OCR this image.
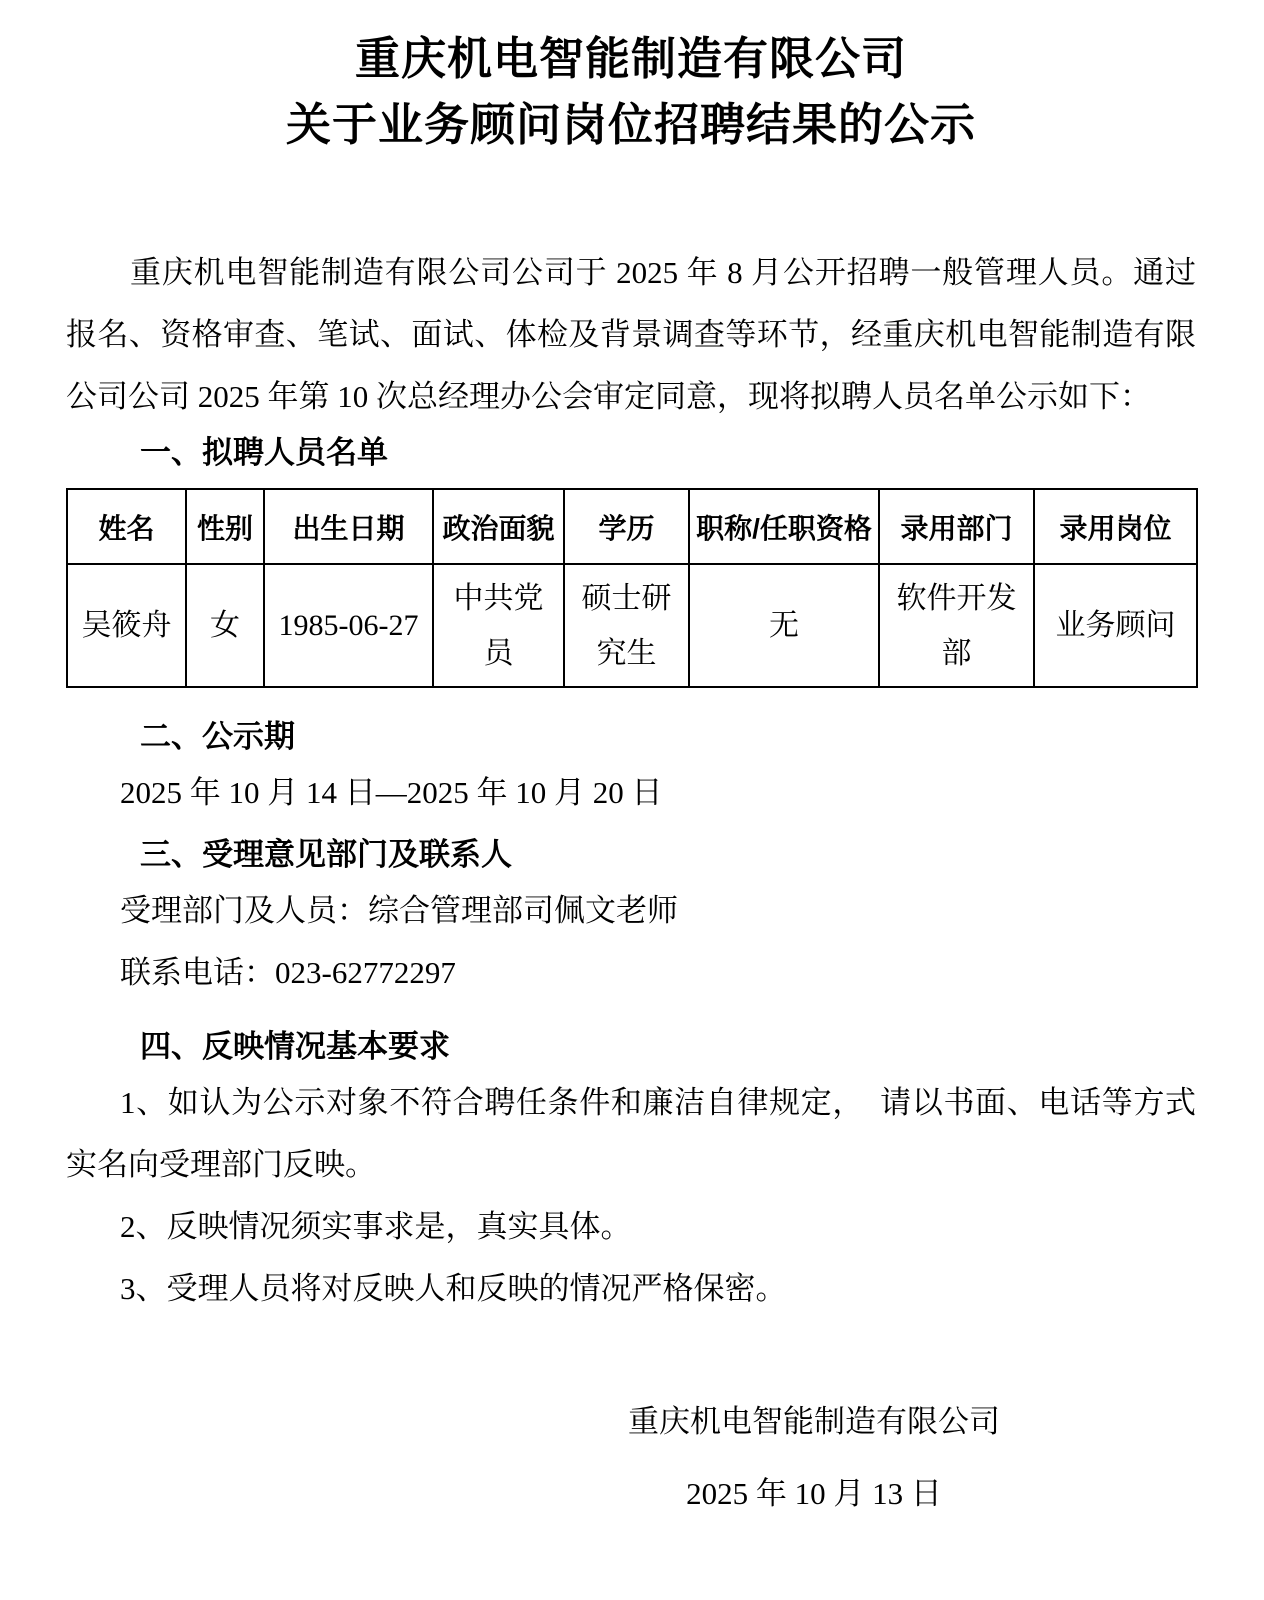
重庆机电智能制造有限公司
关于业务顾问岗位招聘结果的公示

重庆机电智能制造有限公司公司于 2025 年 8 月公开招聘一般管理人员。通过报名、资格审查、笔试、面试、体检及背景调查等环节，经重庆机电智能制造有限公司公司 2025 年第 10 次总经理办公会审定同意，现将拟聘人员名单公示如下：

一、拟聘人员名单
姓名	性别	出生日期	政治面貌	学历	职称/任职资格	录用部门	录用岗位
吴筱舟	女	1985-06-27	中共党员	硕士研究生	无	软件开发部	业务顾问
二、公示期
2025 年 10 月 14 日—2025 年 10 月 20 日
三、受理意见部门及联系人
受理部门及人员：综合管理部司佩文老师
联系电话：023-62772297
四、反映情况基本要求

1、如认为公示对象不符合聘任条件和廉洁自律规定，　请以书面、电话等方式实名向受理部门反映。

2、反映情况须实事求是，真实具体。

3、受理人员将对反映人和反映的情况严格保密。

重庆机电智能制造有限公司
2025 年 10 月 13 日
